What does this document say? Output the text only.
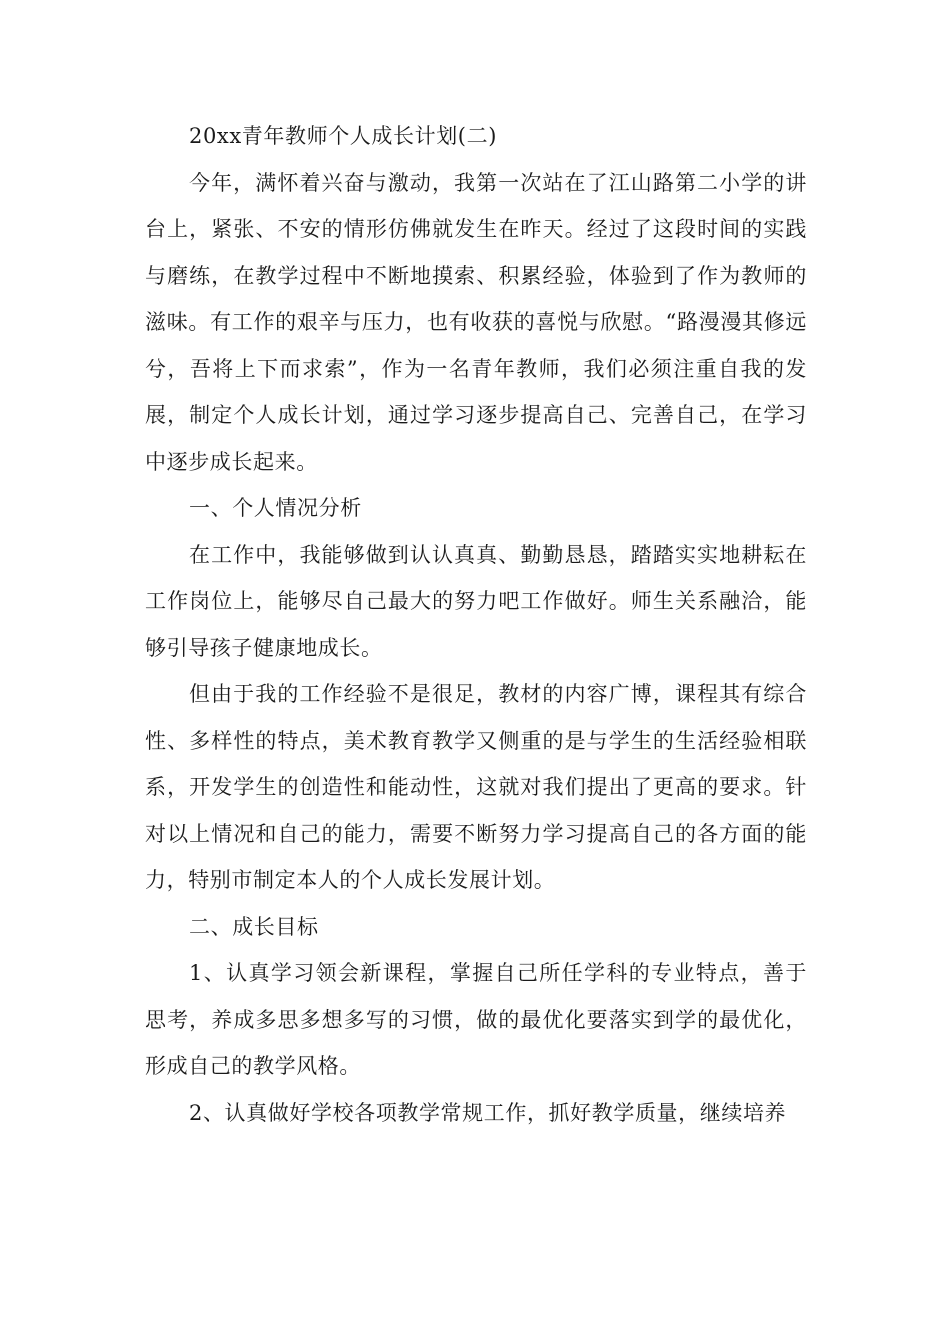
20xx青年教师个人成长计划(二)

今年，满怀着兴奋与激动，我第一次站在了江山路第二小学的讲台上，紧张、不安的情形仿佛就发生在昨天。经过了这段时间的实践与磨练，在教学过程中不断地摸索、积累经验，体验到了作为教师的滋味。有工作的艰辛与压力，也有收获的喜悦与欣慰。“路漫漫其修远兮，吾将上下而求索”，作为一名青年教师，我们必须注重自我的发展，制定个人成长计划，通过学习逐步提高自己、完善自己，在学习中逐步成长起来。

一、个人情况分析

在工作中，我能够做到认认真真、勤勤恳恳，踏踏实实地耕耘在工作岗位上，能够尽自己最大的努力吧工作做好。师生关系融洽，能够引导孩子健康地成长。

但由于我的工作经验不是很足，教材的内容广博，课程其有综合性、多样性的特点，美术教育教学又侧重的是与学生的生活经验相联系，开发学生的创造性和能动性，这就对我们提出了更高的要求。针对以上情况和自己的能力，需要不断努力学习提高自己的各方面的能力，特别市制定本人的个人成长发展计划。

二、成长目标

1、认真学习领会新课程，掌握自己所任学科的专业特点，善于思考，养成多思多想多写的习惯，做的最优化要落实到学的最优化，形成自己的教学风格。

2、认真做好学校各项教学常规工作，抓好教学质量，继续培养
